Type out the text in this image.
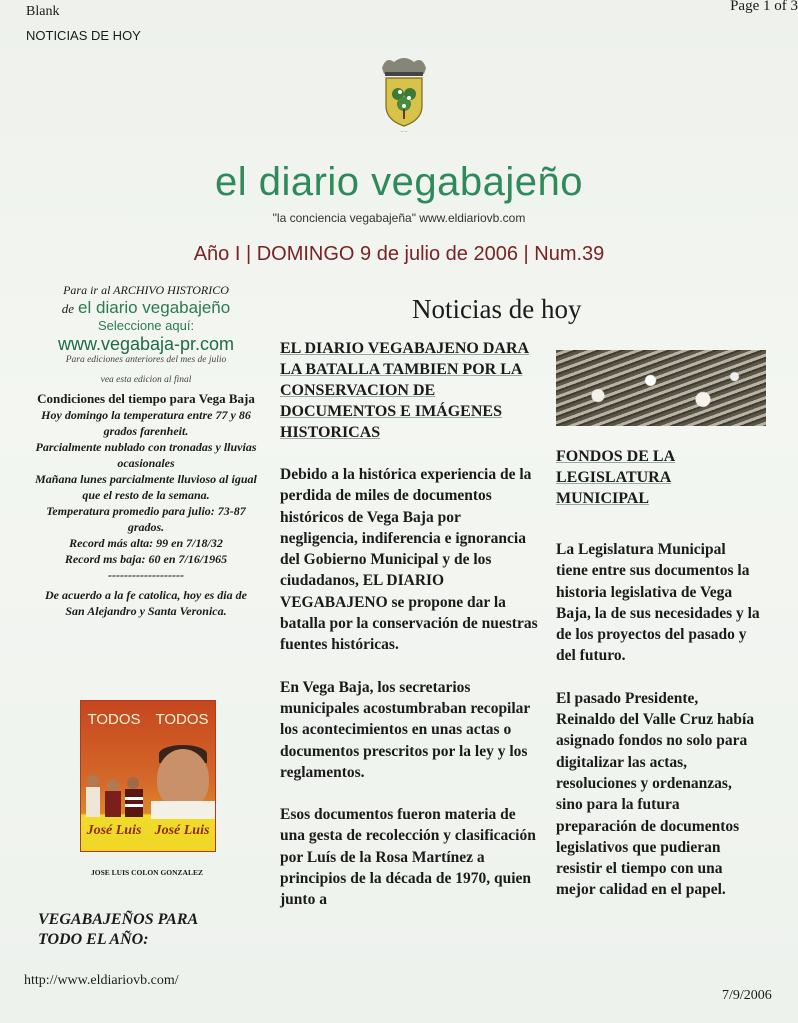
Blank
NOTICIAS DE HOY
Page 1 of 3
~ ~
el diario vegabajeño
"la conciencia vegabajeña" www.eldiariovb.com
Año I | DOMINGO 9 de julio de 2006 | Num.39
Para ir al ARCHIVO HISTORICO
de el diario vegabajeño
Seleccione aquí:
www.vegabaja-pr.com
Para ediciones anteriores del mes de julio
vea esta edicion al final
Condiciones del tiempo para Vega Baja
Hoy domingo la temperatura entre 77 y 86 grados farenheit.
Parcialmente nublado con tronadas y lluvias ocasionales
Mañana lunes parcialmente lluvioso al igual que el resto de la semana.
Temperatura promedio para julio: 73-87 grados.
Record más alta: 99 en 7/18/32
Record ms baja: 60 en 7/16/1965
-------------------
De acuerdo a la fe catolica, hoy es dia de San Alejandro y Santa Veronica.
TODOS TODOS
José Luis José Luis
JOSE LUIS COLON GONZALEZ
VEGABAJEÑOS PARA
TODO EL AÑO:
Noticias de hoy
EL DIARIO VEGABAJENO DARA LA BATALLA TAMBIEN POR LA CONSERVACION DE DOCUMENTOS E IMÁGENES HISTORICAS
Debido a la histórica experiencia de la perdida de miles de documentos históricos de Vega Baja por negligencia, indiferencia e ignorancia del Gobierno Municipal y de los ciudadanos, EL DIARIO VEGABAJENO se propone dar la batalla por la conservación de nuestras fuentes históricas.
En Vega Baja, los secretarios municipales acostumbraban recopilar los acontecimientos en unas actas o documentos prescritos por la ley y los reglamentos.
Esos documentos fueron materia de una gesta de recolección y clasificación por Luís de la Rosa Martínez a principios de la década de 1970, quien junto a
FONDOS DE LA LEGISLATURA MUNICIPAL
La Legislatura Municipal tiene entre sus documentos la historia legislativa de Vega Baja, la de sus necesidades y la de los proyectos del pasado y del futuro.
El pasado Presidente, Reinaldo del Valle Cruz había asignado fondos no solo para digitalizar las actas, resoluciones y ordenanzas, sino para la futura preparación de documentos legislativos que pudieran resistir el tiempo con una mejor calidad en el papel.
http://www.eldiariovb.com/
7/9/2006
